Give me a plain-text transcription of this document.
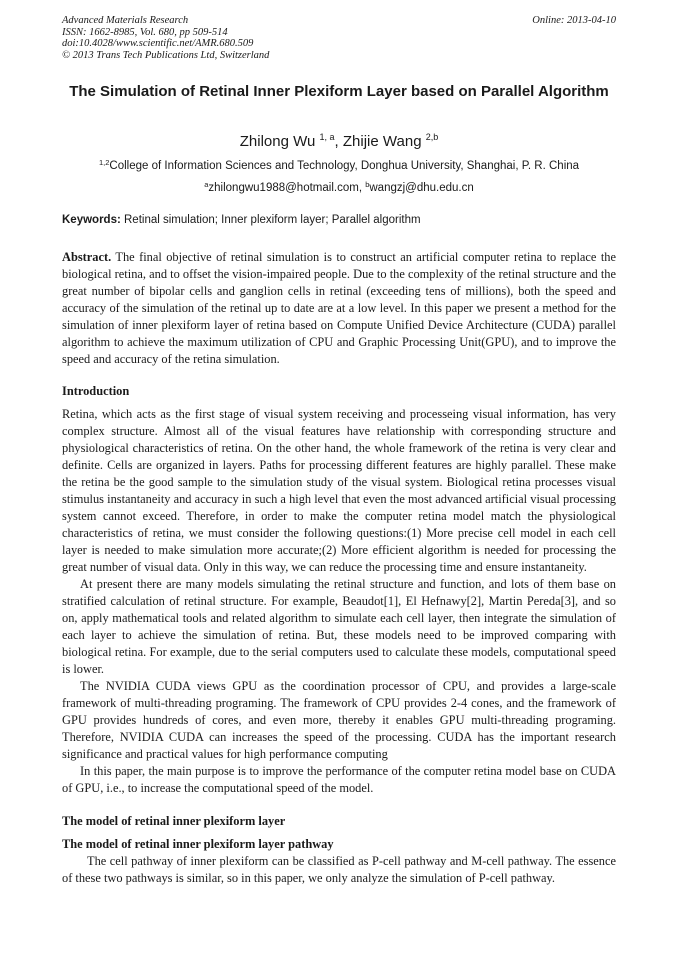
Advanced Materials Research
ISSN: 1662-8985, Vol. 680, pp 509-514
doi:10.4028/www.scientific.net/AMR.680.509
© 2013 Trans Tech Publications Ltd, Switzerland
Online: 2013-04-10
The Simulation of Retinal Inner Plexiform Layer based on Parallel Algorithm
Zhilong Wu $^{1, a}$, Zhijie Wang $^{2,b}$
$^{1,2}$College of Information Sciences and Technology, Donghua University, Shanghai, P. R. China
$^a$zhilongwu1988@hotmail.com, $^b$wangzj@dhu.edu.cn
Keywords: Retinal simulation; Inner plexiform layer; Parallel algorithm
Abstract. The final objective of retinal simulation is to construct an artificial computer retina to replace the biological retina, and to offset the vision-impaired people. Due to the complexity of the retinal structure and the great number of bipolar cells and ganglion cells in retinal (exceeding tens of millions), both the speed and accuracy of the simulation of the retinal up to date are at a low level. In this paper we present a method for the simulation of inner plexiform layer of retina based on Compute Unified Device Architecture (CUDA) parallel algorithm to achieve the maximum utilization of CPU and Graphic Processing Unit(GPU), and to improve the speed and accuracy of the retina simulation.
Introduction

Retina, which acts as the first stage of visual system receiving and processeing visual information, has very complex structure. Almost all of the visual features have relationship with corresponding structure and physiological characteristics of retina. On the other hand, the whole framework of the retina is very clear and definite. Cells are organized in layers. Paths for processing different features are highly parallel. These make the retina be the good sample to the simulation study of the visual system. Biological retina processes visual stimulus instantaneity and accuracy in such a high level that even the most advanced artificial visual processing system cannot exceed. Therefore, in order to make the computer retina model match the physiological characteristics of retina, we must consider the following questions:(1) More precise cell model in each cell layer is needed to make simulation more accurate;(2) More efficient algorithm is needed for processing the great number of visual data. Only in this way, we can reduce the processing time and ensure instantaneity.

At present there are many models simulating the retinal structure and function, and lots of them base on stratified calculation of retinal structure. For example, Beaudot[1], El Hefnawy[2], Martin Pereda[3], and so on, apply mathematical tools and related algorithm to simulate each cell layer, then integrate the simulation of each layer to achieve the simulation of retina. But, these models need to be improved comparing with biological retina. For example, due to the serial computers used to calculate these models, computational speed is lower.

The NVIDIA CUDA views GPU as the coordination processor of CPU, and provides a large-scale framework of multi-threading programing. The framework of CPU provides 2-4 cones, and the framework of GPU provides hundreds of cores, and even more, thereby it enables GPU multi-threading programing. Therefore, NVIDIA CUDA can increases the speed of the processing. CUDA has the important research significance and practical values for high performance computing

In this paper, the main purpose is to improve the performance of the computer retina model base on CUDA of GPU, i.e., to increase the computational speed of the model.

The model of retinal inner plexiform layer
The model of retinal inner plexiform layer pathway

The cell pathway of inner plexiform can be classified as P-cell pathway and M-cell pathway. The essence of these two pathways is similar, so in this paper, we only analyze the simulation of P-cell pathway.
